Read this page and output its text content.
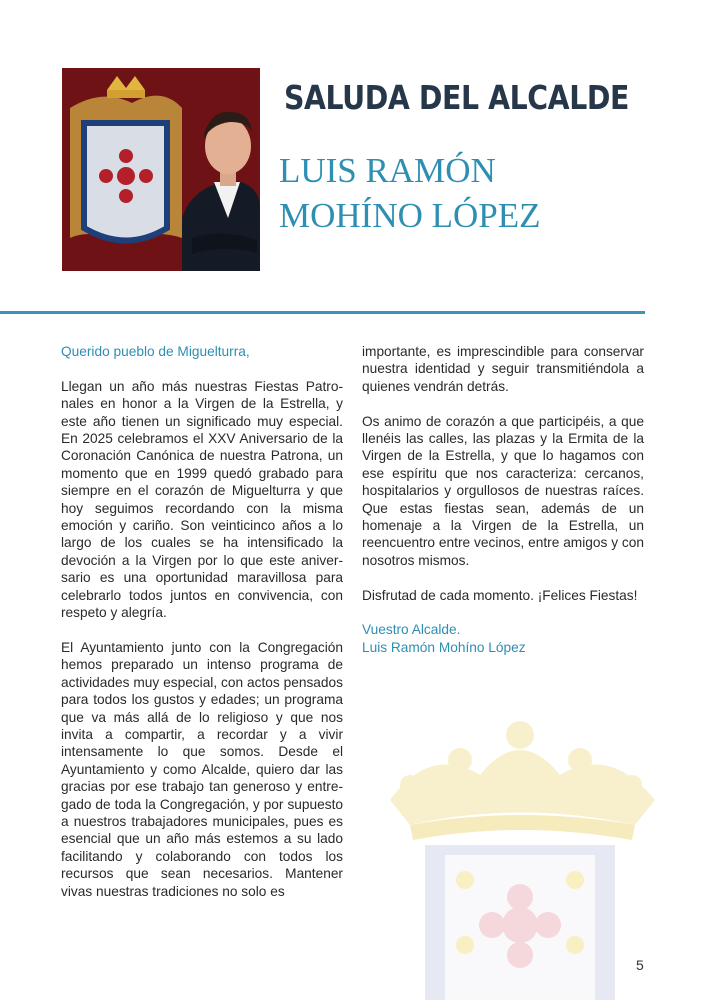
SALUDA DEL ALCALDE
LUIS RAMÓN
MOHÍNO LÓPEZ

Querido pueblo de Miguelturra,

Llegan un año más nuestras Fiestas Patronales en honor a la Virgen de la Estrella, y este año tienen un significado muy especial. En 2025 celebramos el XXV Aniversario de la Coronación Canónica de nuestra Patrona, un momento que en 1999 quedó grabado para siempre en el corazón de Miguelturra y que hoy seguimos recordando con la misma emoción y cariño. Son veinticinco años a lo largo de los cuales se ha intensificado la devoción a la Virgen por lo que este aniversario es una oportunidad maravillosa para celebrarlo todos juntos en convivencia, con respeto y alegría.

El Ayuntamiento junto con la Congregación hemos preparado un intenso programa de actividades muy especial, con actos pensados para todos los gustos y edades; un programa que va más allá de lo religioso y que nos invita a compartir, a recordar y a vivir intensamente lo que somos. Desde el Ayuntamiento y como Alcalde, quiero dar las gracias por ese trabajo tan generoso y entregado de toda la Congregación, y por supuesto a nuestros trabajadores municipales, pues es esencial que un año más estemos a su lado facilitando y colaborando con todos los recursos que sean necesarios. Mantener vivas nuestras tradiciones no solo es

importante, es imprescindible para conservar nuestra identidad y seguir transmitiéndola a quienes vendrán detrás.

Os animo de corazón a que participéis, a que llenéis las calles, las plazas y la Ermita de la Virgen de la Estrella, y que lo hagamos con ese espíritu que nos caracteriza: cercanos, hospitalarios y orgullosos de nuestras raíces. Que estas fiestas sean, además de un homenaje a la Virgen de la Estrella, un reencuentro entre vecinos, entre amigos y con nosotros mismos.

Disfrutad de cada momento. ¡Felices Fiestas!

Vuestro Alcalde.
Luis Ramón Mohíno López

5
